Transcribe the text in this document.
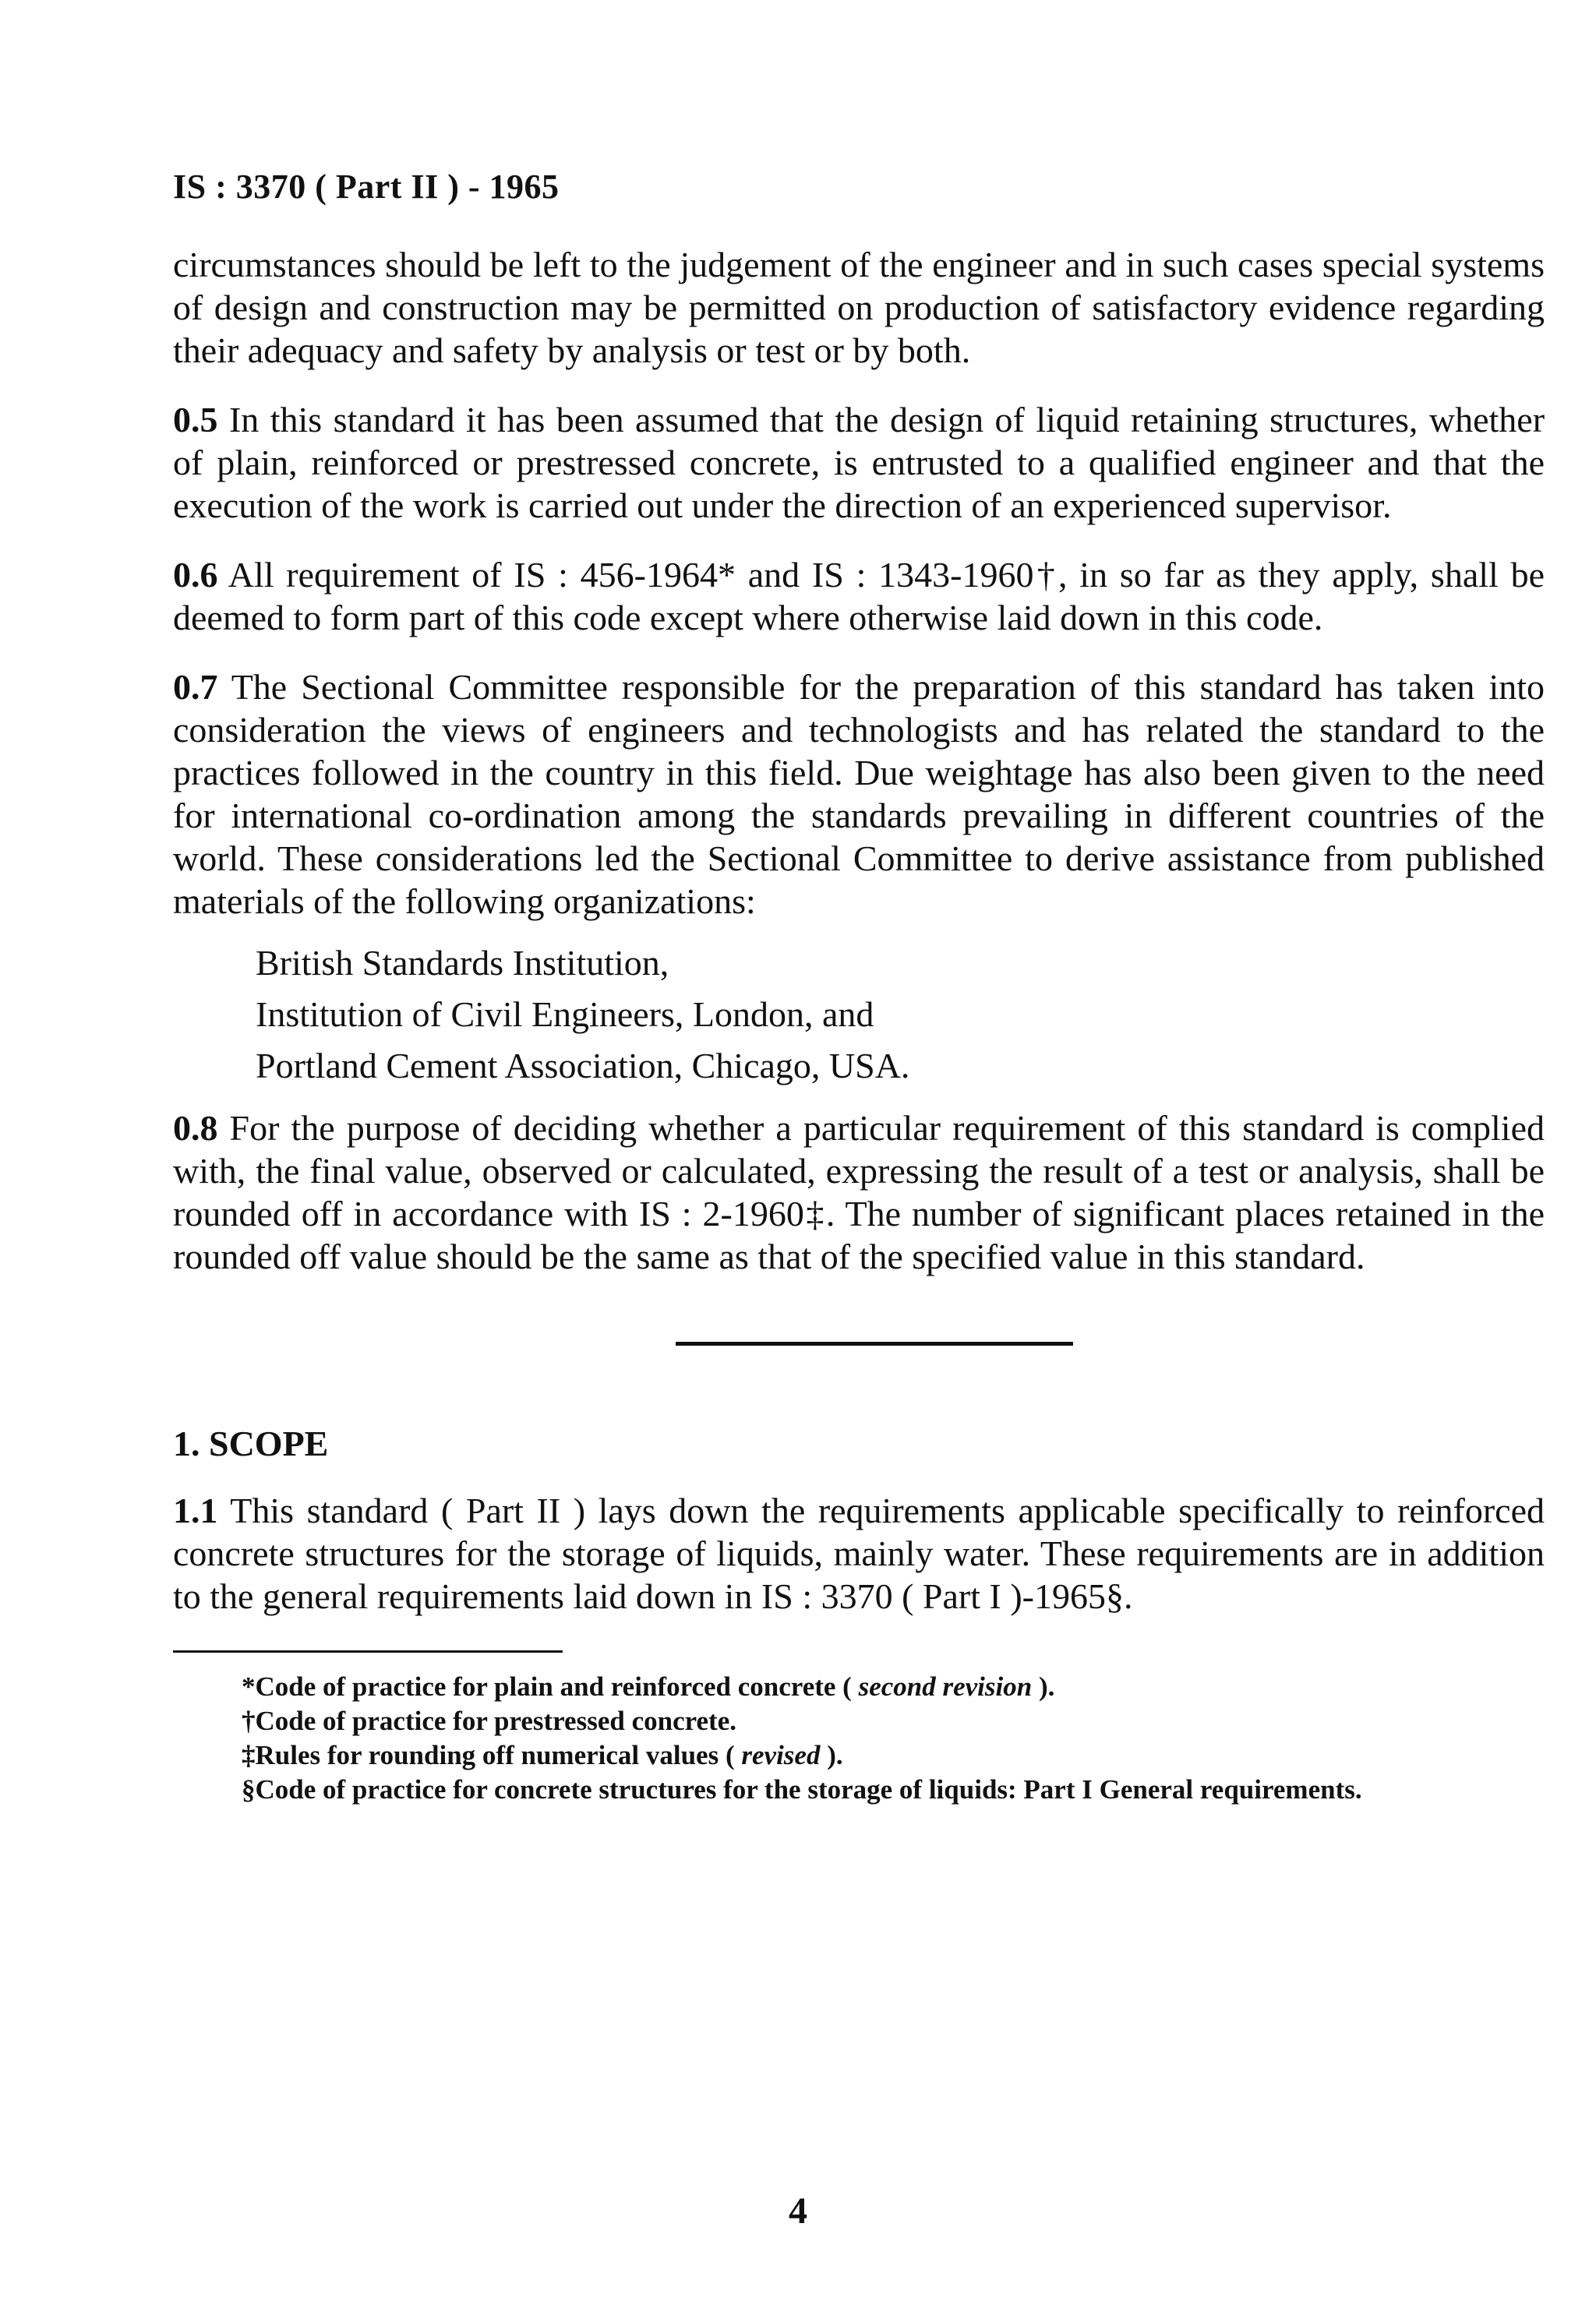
IS : 3370 ( Part II ) - 1965

circumstances should be left to the judgement of the engineer and in such cases special systems of design and construction may be permitted on production of satisfactory evidence regarding their adequacy and safety by analysis or test or by both.

0.5 In this standard it has been assumed that the design of liquid retaining structures, whether of plain, reinforced or prestressed concrete, is entrusted to a qualified engineer and that the execution of the work is carried out under the direction of an experienced supervisor.

0.6 All requirement of IS : 456-1964* and IS : 1343-1960†, in so far as they apply, shall be deemed to form part of this code except where otherwise laid down in this code.

0.7 The Sectional Committee responsible for the preparation of this standard has taken into consideration the views of engineers and technologists and has related the standard to the practices followed in the country in this field. Due weightage has also been given to the need for international co-ordination among the standards prevailing in different countries of the world. These considerations led the Sectional Committee to derive assistance from published materials of the following organizations:

British Standards Institution,
Institution of Civil Engineers, London, and
Portland Cement Association, Chicago, USA.

0.8 For the purpose of deciding whether a particular requirement of this standard is complied with, the final value, observed or calculated, expressing the result of a test or analysis, shall be rounded off in accordance with IS : 2-1960‡. The number of significant places retained in the rounded off value should be the same as that of the specified value in this standard.

1. SCOPE

1.1 This standard ( Part II ) lays down the requirements applicable specifically to reinforced concrete structures for the storage of liquids, mainly water. These requirements are in addition to the general requirements laid down in IS : 3370 ( Part I )-1965§.

*Code of practice for plain and reinforced concrete ( second revision ).

†Code of practice for prestressed concrete.

‡Rules for rounding off numerical values ( revised ).

§Code of practice for concrete structures for the storage of liquids: Part I General requirements.

4
